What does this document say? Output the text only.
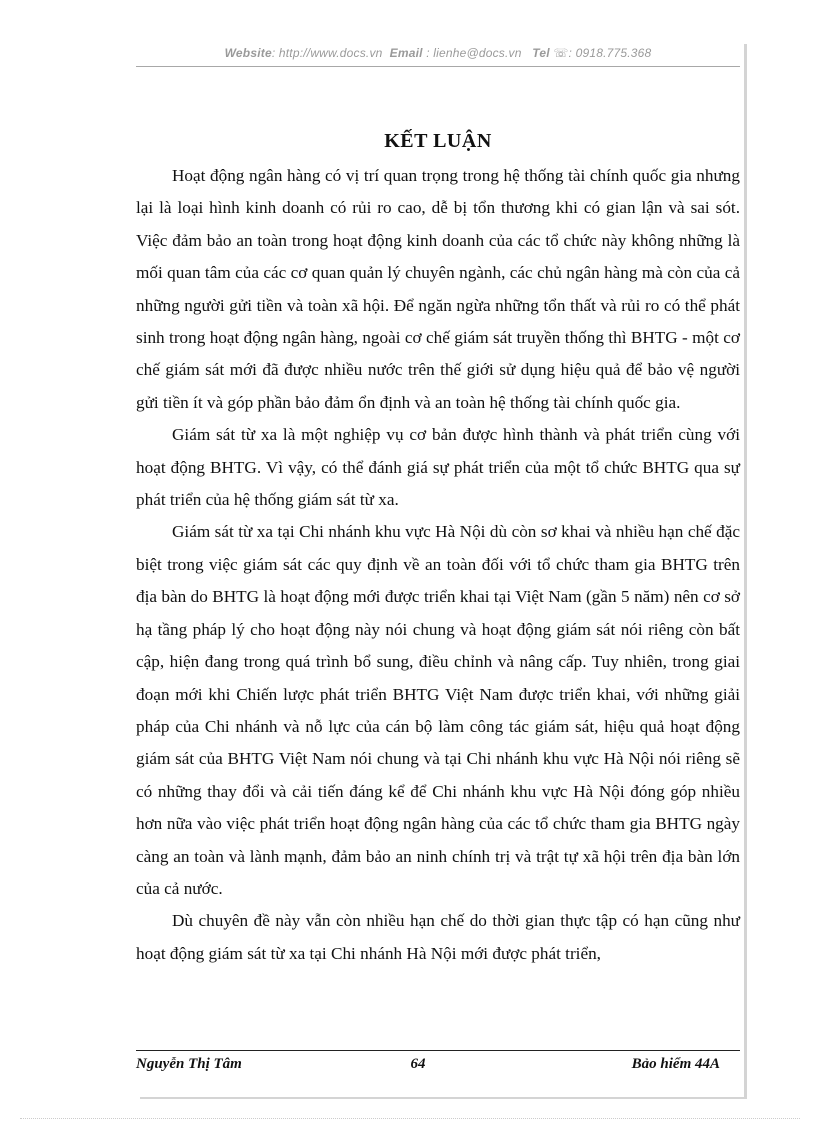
Website: http://www.docs.vn Email : lienhe@docs.vn Tel ☏: 0918.775.368
KẾT LUẬN

Hoạt động ngân hàng có vị trí quan trọng trong hệ thống tài chính quốc gia nhưng lại là loại hình kinh doanh có rủi ro cao, dễ bị tổn thương khi có gian lận và sai sót. Việc đảm bảo an toàn trong hoạt động kinh doanh của các tổ chức này không những là mối quan tâm của các cơ quan quản lý chuyên ngành, các chủ ngân hàng mà còn của cả những người gửi tiền và toàn xã hội. Để ngăn ngừa những tổn thất và rủi ro có thể phát sinh trong hoạt động ngân hàng, ngoài cơ chế giám sát truyền thống thì BHTG - một cơ chế giám sát mới đã được nhiều nước trên thế giới sử dụng hiệu quả để bảo vệ người gửi tiền ít và góp phần bảo đảm ổn định và an toàn hệ thống tài chính quốc gia.

Giám sát từ xa là một nghiệp vụ cơ bản được hình thành và phát triển cùng với hoạt động BHTG. Vì vậy, có thể đánh giá sự phát triển của một tổ chức BHTG qua sự phát triển của hệ thống giám sát từ xa.

Giám sát từ xa tại Chi nhánh khu vực Hà Nội dù còn sơ khai và nhiều hạn chế đặc biệt trong việc giám sát các quy định về an toàn đối với tổ chức tham gia BHTG trên địa bàn do BHTG là hoạt động mới được triển khai tại Việt Nam (gần 5 năm) nên cơ sở hạ tầng pháp lý cho hoạt động này nói chung và hoạt động giám sát nói riêng còn bất cập, hiện đang trong quá trình bổ sung, điều chỉnh và nâng cấp. Tuy nhiên, trong giai đoạn mới khi Chiến lược phát triển BHTG Việt Nam được triển khai, với những giải pháp của Chi nhánh và nỗ lực của cán bộ làm công tác giám sát, hiệu quả hoạt động giám sát của BHTG Việt Nam nói chung và tại Chi nhánh khu vực Hà Nội nói riêng sẽ có những thay đổi và cải tiến đáng kể để Chi nhánh khu vực Hà Nội đóng góp nhiều hơn nữa vào việc phát triển hoạt động ngân hàng của các tổ chức tham gia BHTG ngày càng an toàn và lành mạnh, đảm bảo an ninh chính trị và trật tự xã hội trên địa bàn lớn của cả nước.

Dù chuyên đề này vẫn còn nhiều hạn chế do thời gian thực tập có hạn cũng như hoạt động giám sát từ xa tại Chi nhánh Hà Nội mới được phát triển,

Nguyễn Thị Tâm	64	Bảo hiểm 44A
